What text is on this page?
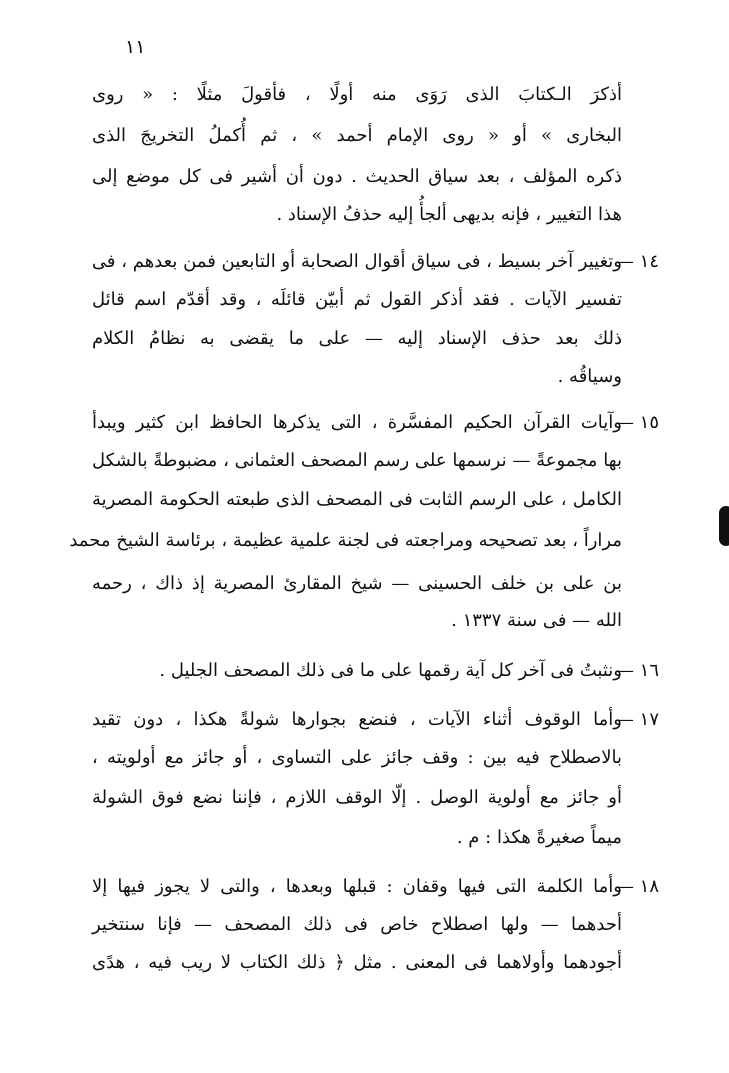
١١
أذكرَ الـكتابَ الذى رَوَى منه أولًا ، فأقولَ مثلًا : « روى
البخارى » أو « روى الإمام أحمد » ، ثم أُكملُ التخريجَ الذى
ذكره المؤلف ، بعد سياق الحديث . دون أن أشير فى كل موضع إلى
هذا التغيير ، فإنه بديهى ألجأُ إليه حذفُ الإسناد .
١٤ —
وتغيير آخر بسيط ، فى سياق أقوال الصحابة أو التابعين فمن بعدهم ، فى
تفسير الآيات . فقد أذكر القول ثم أبيّن قائلَه ، وقد أقدّم اسم قائل
ذلك بعد حذف الإسناد إليه — على ما يقضى به نظامُ الكلام
وسياقُه .
١٥ —
وآيات القرآن الحكيم المفسَّرة ، التى يذكرها الحافظ ابن كثير ويبدأ
بها مجموعةً — نرسمها على رسم المصحف العثمانى ، مضبوطةً بالشكل
الكامل ، على الرسم الثابت فى المصحف الذى طبعته الحكومة المصرية
مراراً ، بعد تصحيحه ومراجعته فى لجنة علمية عظيمة ، برئاسة الشيخ محمد
بن على بن خلف الحسينى — شيخ المقارئ المصرية إذ ذاك ، رحمه
الله — فى سنة ١٣٣٧ .
١٦ —
ونثبتُ فى آخر كل آية رقمها على ما فى ذلك المصحف الجليل .
١٧ —
وأما الوقوف أثناء الآيات ، فنضع بجوارها شولةً هكذا ، دون تقيد
بالاصطلاح فيه بين : وقف جائز على التساوى ، أو جائز مع أولويته ،
أو جائز مع أولوية الوصل . إلّا الوقف اللازم ، فإننا نضع فوق الشولة
ميماً صغيرةً هكذا : م .
١٨ —
وأما الكلمة التى فيها وقفان : قبلها وبعدها ، والتى لا يجوز فيها إلا
أحدهما — ولها اصطلاح خاص فى ذلك المصحف — فإنا سنتخير
أجودهما وأولاهما فى المعنى . مثل ﴿ ذلك الكتاب لا ريب فيه ، هدًى
